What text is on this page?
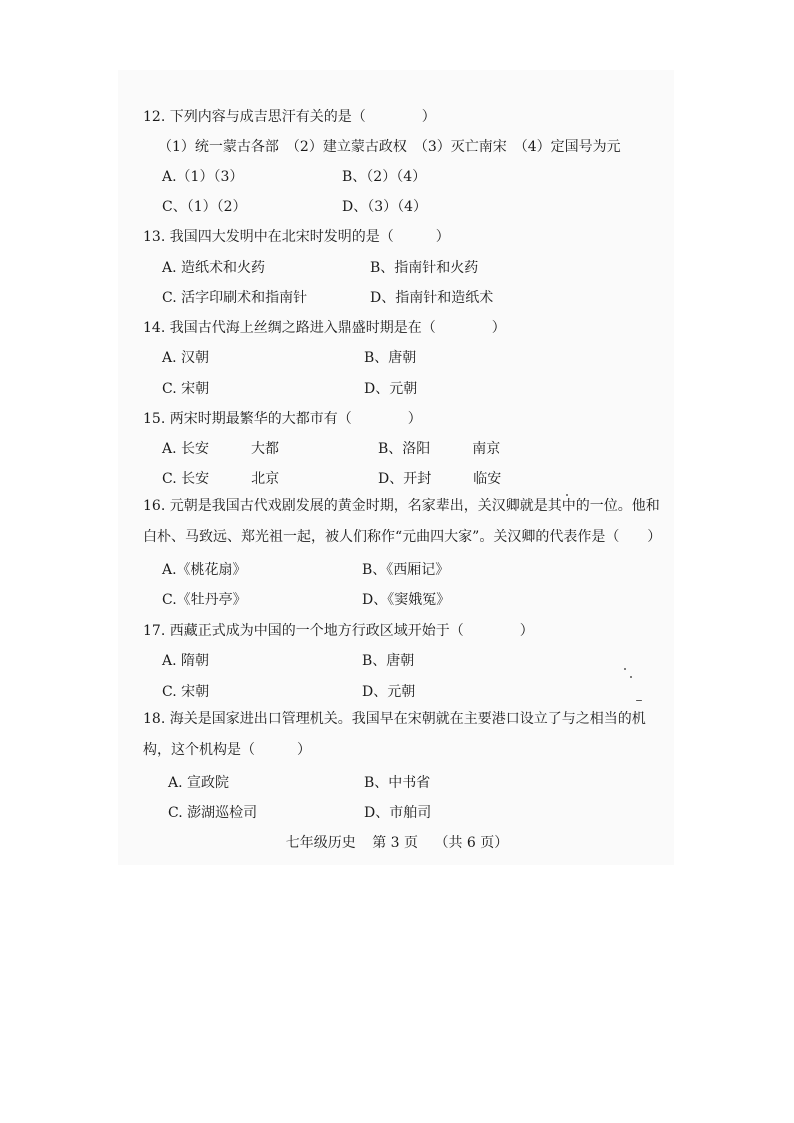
12. 下列内容与成吉思汗有关的是（　　　　）
（1）统一蒙古各部　（2）建立蒙古政权　（3）灭亡南宋　（4）定国号为元
A.（1）（3）	B、（2）（4）
C、（1）（2）	D、（3）（4）
13. 我国四大发明中在北宋时发明的是（　　　）
A. 造纸术和火药	B、指南针和火药
C. 活字印刷术和指南针	D、指南针和造纸术
14. 我国古代海上丝绸之路进入鼎盛时期是在（　　　　）
A. 汉朝	B、唐朝
C. 宋朝	D、元朝
15. 两宋时期最繁华的大都市有（　　　　）
A. 长安　　　大都	B、洛阳　　　南京
C. 长安　　　北京	D、开封　　　临安
16. 元朝是我国古代戏剧发展的黄金时期，名家辈出，关汉卿就是其中的一位。他和白朴、马致远、郑光祖一起，被人们称作“元曲四大家”。关汉卿的代表作是（　　）
A.《桃花扇》	B、《西厢记》
C.《牡丹亭》	D、《窦娥冤》
17. 西藏正式成为中国的一个地方行政区域开始于（　　　　）
A. 隋朝	B、唐朝
C. 宋朝	D、元朝
18. 海关是国家进出口管理机关。我国早在宋朝就在主要港口设立了与之相当的机构，这个机构是（　　　）
A. 宣政院	B、中书省
C. 澎湖巡检司	D、市舶司
七年级历史 第 3 页 （共 6 页）
